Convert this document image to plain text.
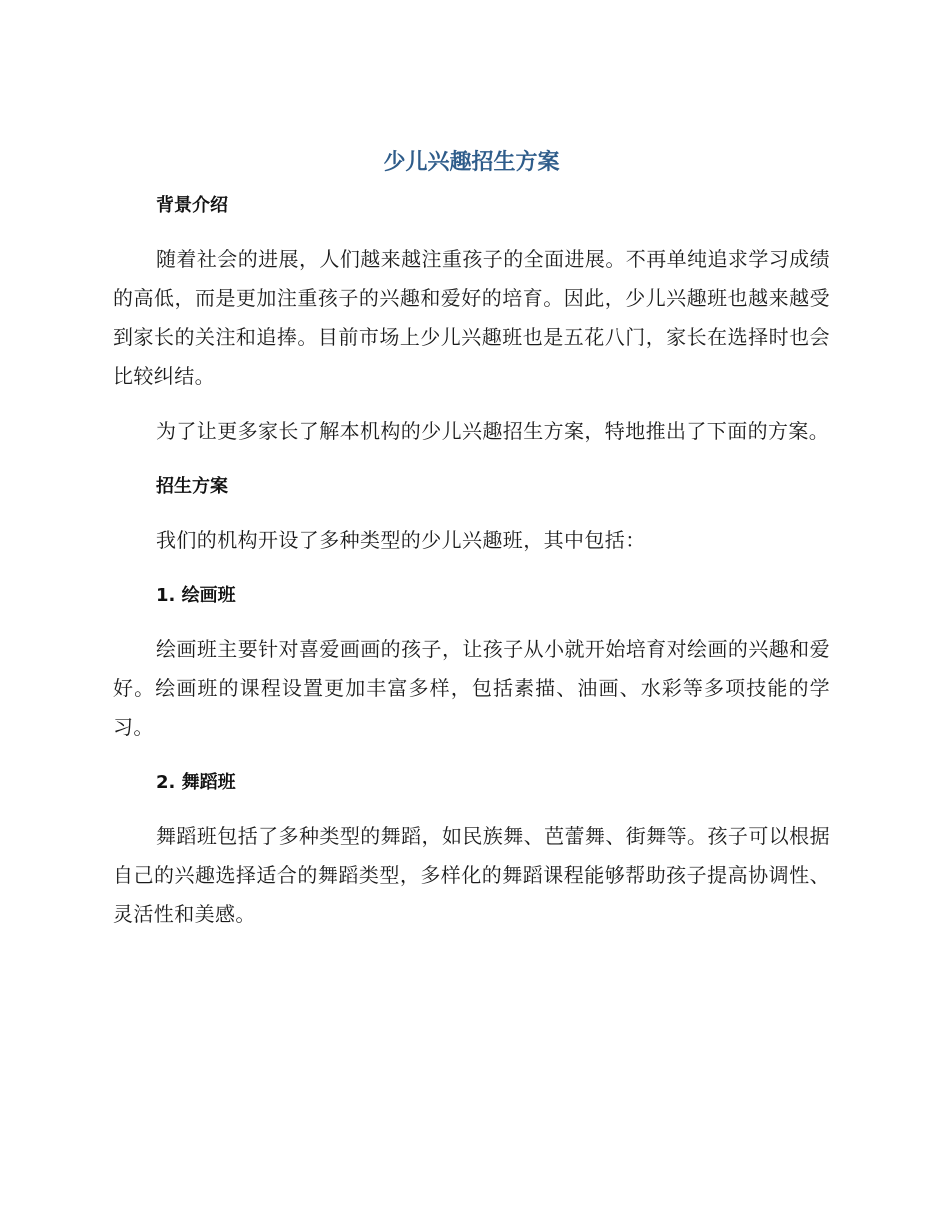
少儿兴趣招生方案
背景介绍

随着社会的进展，人们越来越注重孩子的全面进展。不再单纯追求学习成绩的高低，而是更加注重孩子的兴趣和爱好的培育。因此，少儿兴趣班也越来越受到家长的关注和追捧。目前市场上少儿兴趣班也是五花八门，家长在选择时也会比较纠结。

为了让更多家长了解本机构的少儿兴趣招生方案，特地推出了下面的方案。

招生方案

我们的机构开设了多种类型的少儿兴趣班，其中包括：

1. 绘画班

绘画班主要针对喜爱画画的孩子，让孩子从小就开始培育对绘画的兴趣和爱好。绘画班的课程设置更加丰富多样，包括素描、油画、水彩等多项技能的学习。

2. 舞蹈班

舞蹈班包括了多种类型的舞蹈，如民族舞、芭蕾舞、街舞等。孩子可以根据自己的兴趣选择适合的舞蹈类型，多样化的舞蹈课程能够帮助孩子提高协调性、灵活性和美感。
